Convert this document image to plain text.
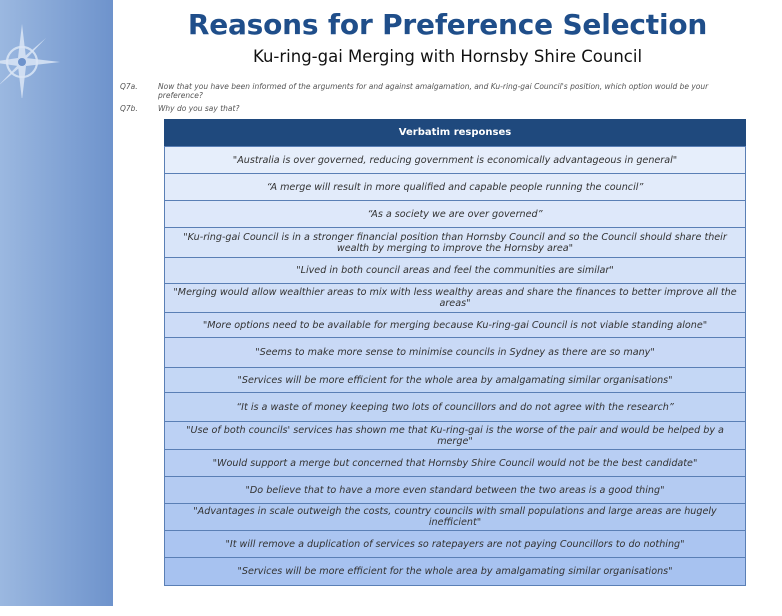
Reasons for Preference Selection
Ku-ring-gai Merging with Hornsby Shire Council
Q7a.	Now that you have been informed of the arguments for and against amalgamation, and Ku-ring-gai Council's position, which option would be your preference?
Q7b.	Why do you say that?
Verbatim responses
"Australia is over governed, reducing government is economically advantageous in general"
“A merge will result in more qualified and capable people running the council”
“As a society we are over governed”
"Ku-ring-gai Council is in a stronger financial position than Hornsby Council and so the Council should share their wealth by merging to improve the Hornsby area"
"Lived in both council areas and feel the communities are similar"
"Merging would allow wealthier areas to mix with less wealthy areas and share the finances to better improve all the areas"
"More options need to be available for merging because Ku-ring-gai Council is not viable standing alone"
"Seems to make more sense to minimise councils in Sydney as there are so many"
"Services will be more efficient for the whole area by amalgamating similar organisations"
“It is a waste of money keeping two lots of councillors and do not agree with the research”
"Use of both councils' services has shown me that Ku-ring-gai is the worse of the pair and would be helped by a merge"
"Would support a merge but concerned that Hornsby Shire Council would not be the best candidate"
"Do believe that to have a more even standard between the two areas is a good thing"
"Advantages in scale outweigh the costs, country councils with small populations and large areas are hugely inefficient"
"It will remove a duplication of services so ratepayers are not paying Councillors to do nothing"
"Services will be more efficient for the whole area by amalgamating similar organisations"
